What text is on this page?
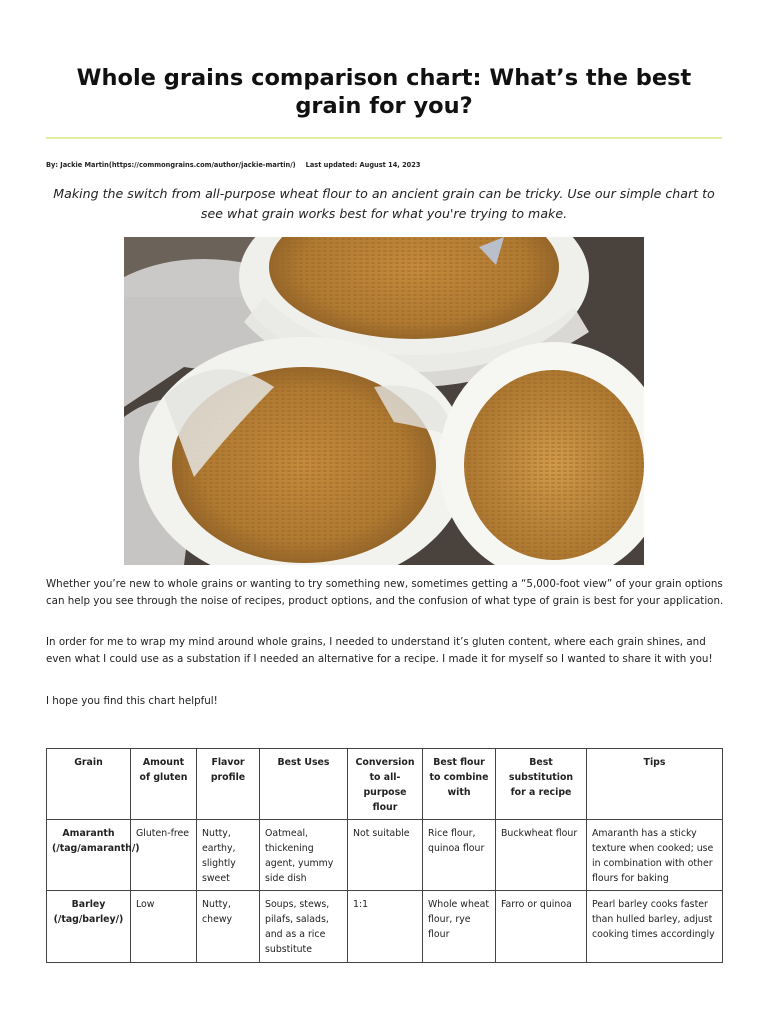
Whole grains comparison chart: What’s the best grain for you?
By: Jackie Martin(https://commongrains.com/author/jackie-martin/) Last updated: August 14, 2023

Making the switch from all-purpose wheat flour to an ancient grain can be tricky. Use our simple chart to see what grain works best for what you're trying to make.

Whether you’re new to whole grains or wanting to try something new, sometimes getting a “5,000-foot view” of your grain options can help you see through the noise of recipes, product options, and the confusion of what type of grain is best for your application.

In order for me to wrap my mind around whole grains, I needed to understand it’s gluten content, where each grain shines, and even what I could use as a substation if I needed an alternative for a recipe. I made it for myself so I wanted to share it with you!

I hope you find this chart helpful!

Grain	Amount of gluten	Flavor profile	Best Uses	Conversion to all-purpose flour	Best flour to combine with	Best substitution for a recipe	Tips
Amaranth (/tag/amaranth/)	Gluten-free	Nutty, earthy, slightly sweet	Oatmeal, thickening agent, yummy side dish	Not suitable	Rice flour, quinoa flour	Buckwheat flour	Amaranth has a sticky texture when cooked; use in combination with other flours for baking
Barley (/tag/barley/)	Low	Nutty, chewy	Soups, stews, pilafs, salads, and as a rice substitute	1:1	Whole wheat flour, rye flour	Farro or quinoa	Pearl barley cooks faster than hulled barley, adjust cooking times accordingly
